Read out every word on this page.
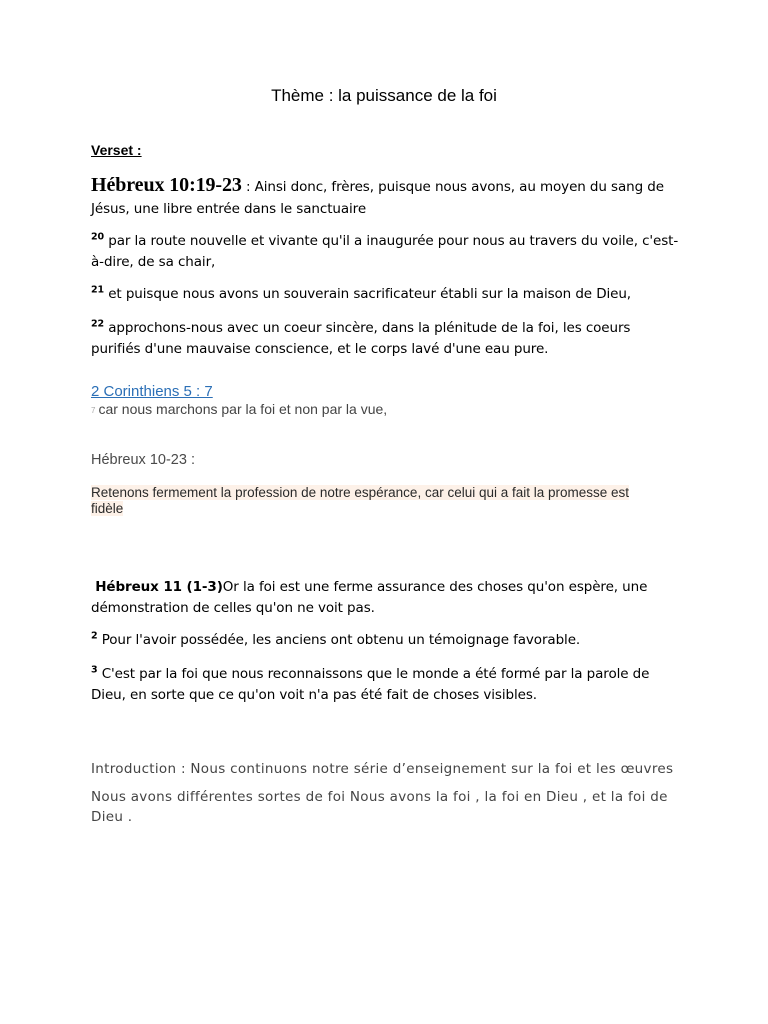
Thème : la puissance de la foi
Verset :
Hébreux 10:19-23 : Ainsi donc, frères, puisque nous avons, au moyen du sang de Jésus, une libre entrée dans le sanctuaire
$^{20}$ par la route nouvelle et vivante qu'il a inaugurée pour nous au travers du voile, c'est-à-dire, de sa chair,
$^{21}$ et puisque nous avons un souverain sacrificateur établi sur la maison de Dieu,
$^{22}$ approchons-nous avec un coeur sincère, dans la plénitude de la foi, les coeurs purifiés d'une mauvaise conscience, et le corps lavé d'une eau pure.
2 Corinthiens 5 : 7
7 car nous marchons par la foi et non par la vue,
Hébreux 10-23 :
Retenons fermement la profession de notre espérance, car celui qui a fait la promesse est fidèle
Hébreux 11 (1-3)Or la foi est une ferme assurance des choses qu'on espère, une démonstration de celles qu'on ne voit pas.
$^2$ Pour l'avoir possédée, les anciens ont obtenu un témoignage favorable.
$^3$ C'est par la foi que nous reconnaissons que le monde a été formé par la parole de Dieu, en sorte que ce qu'on voit n'a pas été fait de choses visibles.
Introduction : Nous continuons notre série d’enseignement sur la foi et les œuvres
Nous avons différentes sortes de foi Nous avons la foi , la foi en Dieu , et la foi de Dieu .
